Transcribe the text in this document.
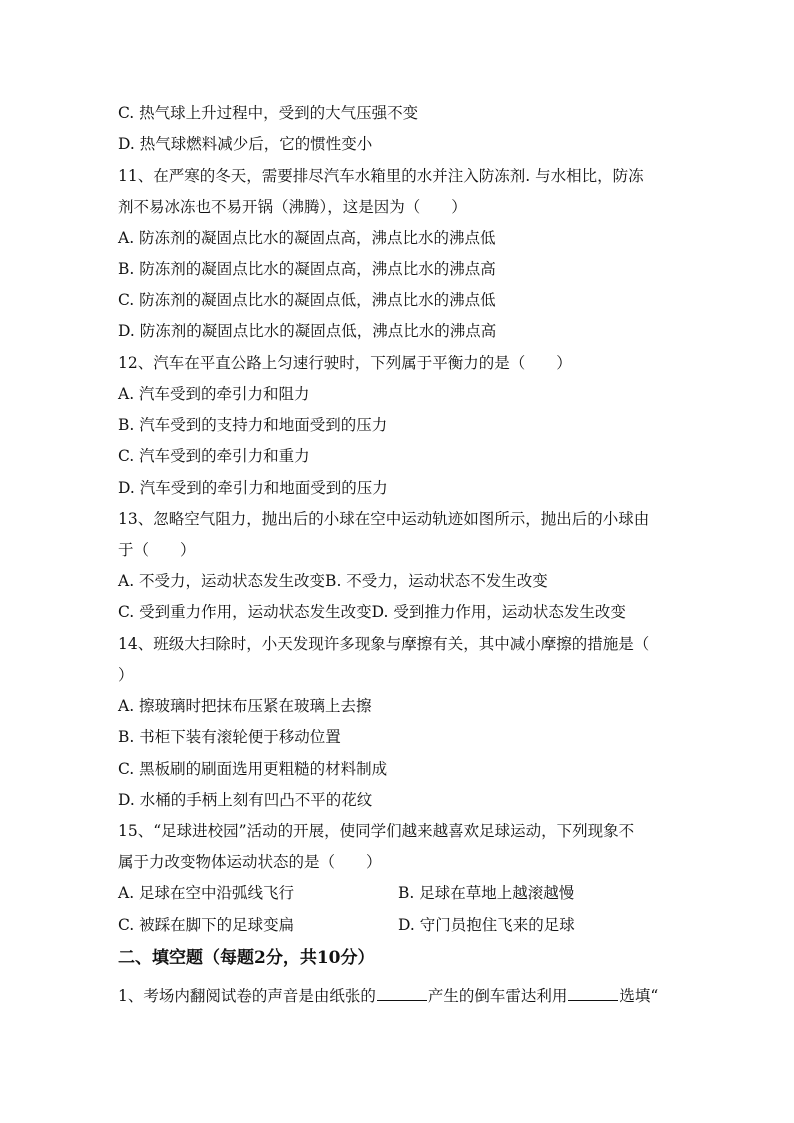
C. 热气球上升过程中，受到的大气压强不变
D. 热气球燃料减少后，它的惯性变小
11、在严寒的冬天，需要排尽汽车水箱里的水并注入防冻剂. 与水相比，防冻
剂不易冰冻也不易开锅（沸腾），这是因为（　　）
A. 防冻剂的凝固点比水的凝固点高，沸点比水的沸点低
B. 防冻剂的凝固点比水的凝固点高，沸点比水的沸点高
C. 防冻剂的凝固点比水的凝固点低，沸点比水的沸点低
D. 防冻剂的凝固点比水的凝固点低，沸点比水的沸点高
12、汽车在平直公路上匀速行驶时，下列属于平衡力的是（　　）
A. 汽车受到的牵引力和阻力
B. 汽车受到的支持力和地面受到的压力
C. 汽车受到的牵引力和重力
D. 汽车受到的牵引力和地面受到的压力
13、忽略空气阻力，抛出后的小球在空中运动轨迹如图所示，抛出后的小球由
于（　　）
A. 不受力，运动状态发生改变B. 不受力，运动状态不发生改变
C. 受到重力作用，运动状态发生改变D. 受到推力作用，运动状态发生改变
14、班级大扫除时，小天发现许多现象与摩擦有关，其中减小摩擦的措施是（
）
A. 擦玻璃时把抹布压紧在玻璃上去擦
B. 书柜下装有滚轮便于移动位置
C. 黑板刷的刷面选用更粗糙的材料制成
D. 水桶的手柄上刻有凹凸不平的花纹
15、“足球进校园”活动的开展，使同学们越来越喜欢足球运动，下列现象不
属于力改变物体运动状态的是（　　）
A. 足球在空中沿弧线飞行	B. 足球在草地上越滚越慢
C. 被踩在脚下的足球变扁	D. 守门员抱住飞来的足球
二、填空题（每题2分，共10分）
1、考场内翻阅试卷的声音是由纸张的	产生的倒车雷达利用	选填“
